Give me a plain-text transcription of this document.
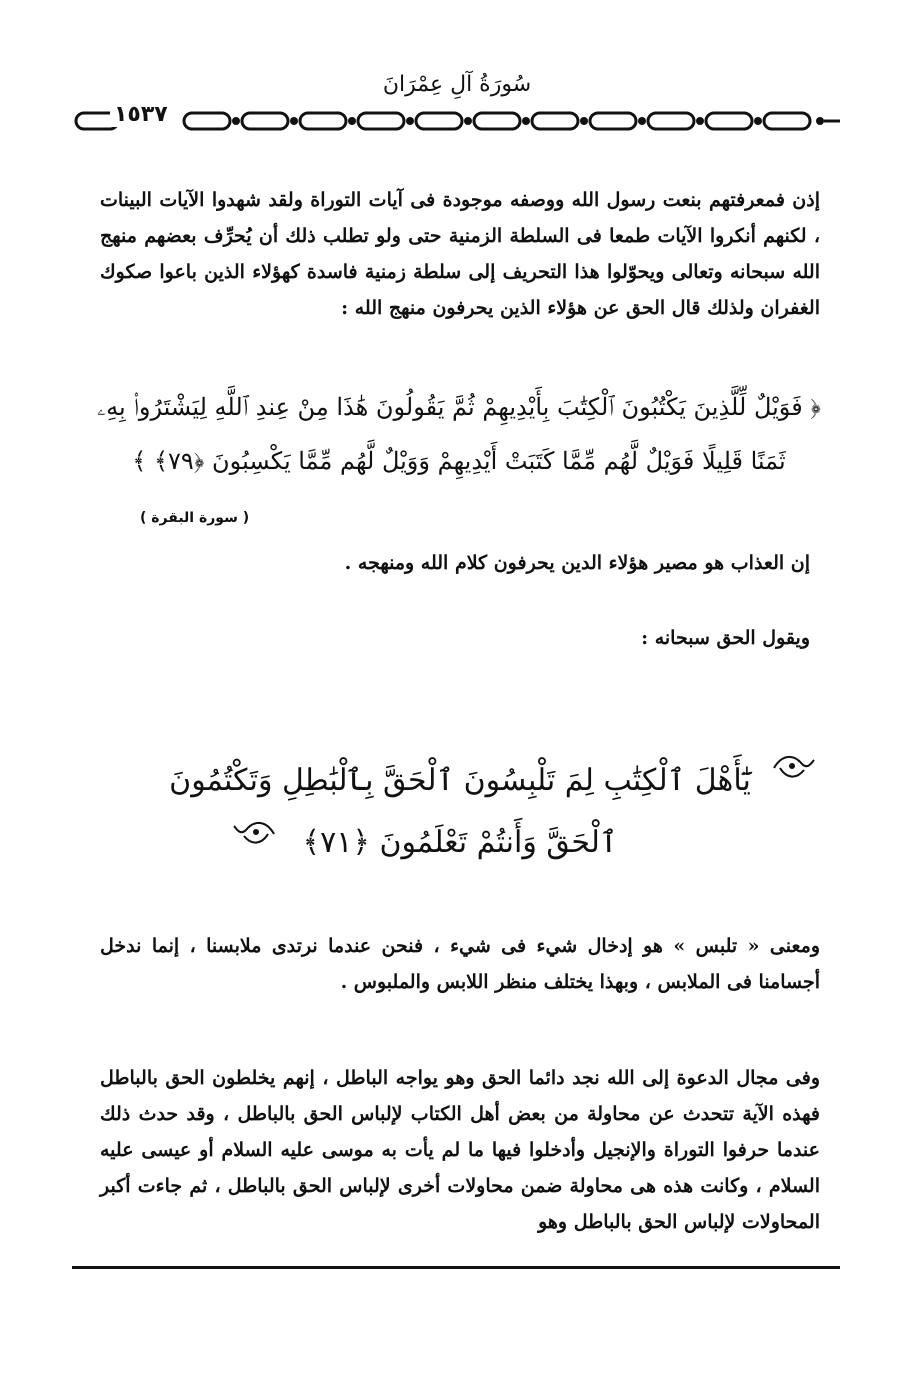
سُورَةُ آلِ عِمْرَانَ
١٥٣٧
إذن فمعرفتهم بنعت رسول الله ووصفه موجودة فى آيات التوراة ولقد شهدوا الآيات البينات ، لكنهم أنكروا الآيات طمعا فى السلطة الزمنية حتى ولو تطلب ذلك أن يُحرِّف بعضهم منهج الله سبحانه وتعالى ويحوّلوا هذا التحريف إلى سلطة زمنية فاسدة كهؤلاء الذين باعوا صكوك الغفران ولذلك قال الحق عن هؤلاء الذين يحرفون منهج الله :
﴿ فَوَيْلٌ لِّلَّذِينَ يَكْتُبُونَ ٱلْكِتَٰبَ بِأَيْدِيهِمْ ثُمَّ يَقُولُونَ هَٰذَا مِنْ عِندِ ٱللَّهِ لِيَشْتَرُوا۟ بِهِۦ ثَمَنًا قَلِيلًا فَوَيْلٌ لَّهُم مِّمَّا كَتَبَتْ أَيْدِيهِمْ وَوَيْلٌ لَّهُم مِّمَّا يَكْسِبُونَ ﴿٧٩﴾ ﴾
( سورة البقرة )
إن العذاب هو مصير هؤلاء الدين يحرفون كلام الله ومنهجه .
ويقول الحق سبحانه :
يَٰٓأَهْلَ ٱلْكِتَٰبِ لِمَ تَلْبِسُونَ ٱلْحَقَّ بِٱلْبَٰطِلِ وَتَكْتُمُونَ ٱلْحَقَّ وَأَنتُمْ تَعْلَمُونَ ﴿٧١﴾
ومعنى « تلبس » هو إدخال شيء فى شيء ، فنحن عندما نرتدى ملابسنا ، إنما ندخل أجسامنا فى الملابس ، وبهذا يختلف منظر اللابس والملبوس .
وفى مجال الدعوة إلى الله نجد دائما الحق وهو يواجه الباطل ، إنهم يخلطون الحق بالباطل فهذه الآية تتحدث عن محاولة من بعض أهل الكتاب لإلباس الحق بالباطل ، وقد حدث ذلك عندما حرفوا التوراة والإنجيل وأدخلوا فيها ما لم يأت به موسى عليه السلام أو عيسى عليه السلام ، وكانت هذه هى محاولة ضمن محاولات أخرى لإلباس الحق بالباطل ، ثم جاءت أكبر المحاولات لإلباس الحق بالباطل وهو
